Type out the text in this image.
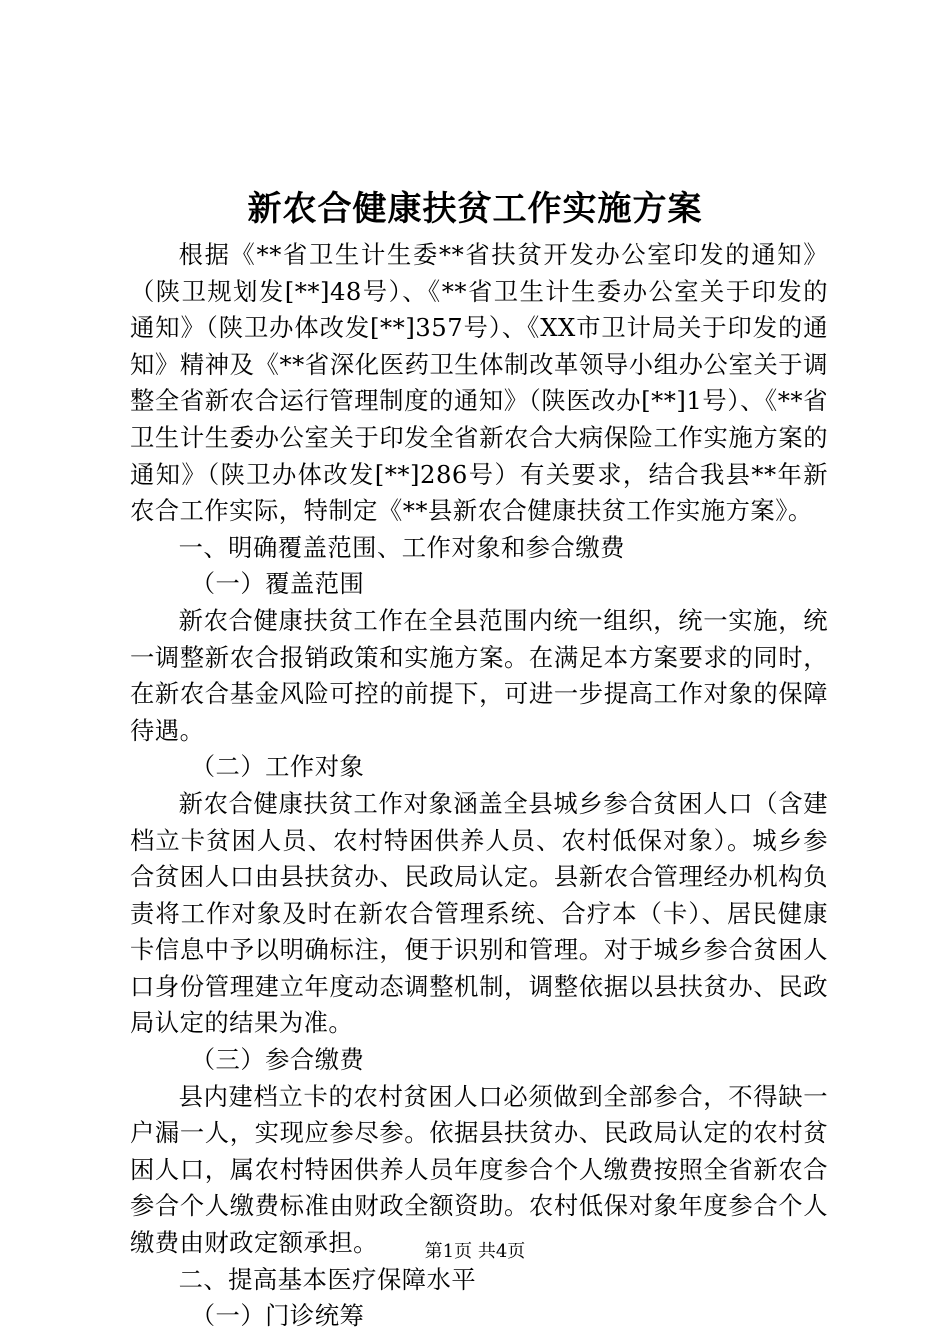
新农合健康扶贫工作实施方案

根据《**省卫生计生委**省扶贫开发办公室印发的通知》（陕卫规划发[**]48号）、《**省卫生计生委办公室关于印发的通知》（陕卫办体改发[**]357号）、《XX市卫计局关于印发的通知》精神及《**省深化医药卫生体制改革领导小组办公室关于调整全省新农合运行管理制度的通知》（陕医改办[**]1号）、《**省卫生计生委办公室关于印发全省新农合大病保险工作实施方案的通知》（陕卫办体改发[**]286号）有关要求，结合我县**年新农合工作实际，特制定《**县新农合健康扶贫工作实施方案》。

一、明确覆盖范围、工作对象和参合缴费

（一）覆盖范围

新农合健康扶贫工作在全县范围内统一组织，统一实施，统一调整新农合报销政策和实施方案。在满足本方案要求的同时，在新农合基金风险可控的前提下，可进一步提高工作对象的保障待遇。

（二）工作对象

新农合健康扶贫工作对象涵盖全县城乡参合贫困人口（含建档立卡贫困人员、农村特困供养人员、农村低保对象）。城乡参合贫困人口由县扶贫办、民政局认定。县新农合管理经办机构负责将工作对象及时在新农合管理系统、合疗本（卡）、居民健康卡信息中予以明确标注，便于识别和管理。对于城乡参合贫困人口身份管理建立年度动态调整机制，调整依据以县扶贫办、民政局认定的结果为准。

（三）参合缴费

县内建档立卡的农村贫困人口必须做到全部参合，不得缺一户漏一人，实现应参尽参。依据县扶贫办、民政局认定的农村贫困人口，属农村特困供养人员年度参合个人缴费按照全省新农合参合个人缴费标准由财政全额资助。农村低保对象年度参合个人缴费由财政定额承担。

二、提高基本医疗保障水平

（一）门诊统筹

第1页 共4页
